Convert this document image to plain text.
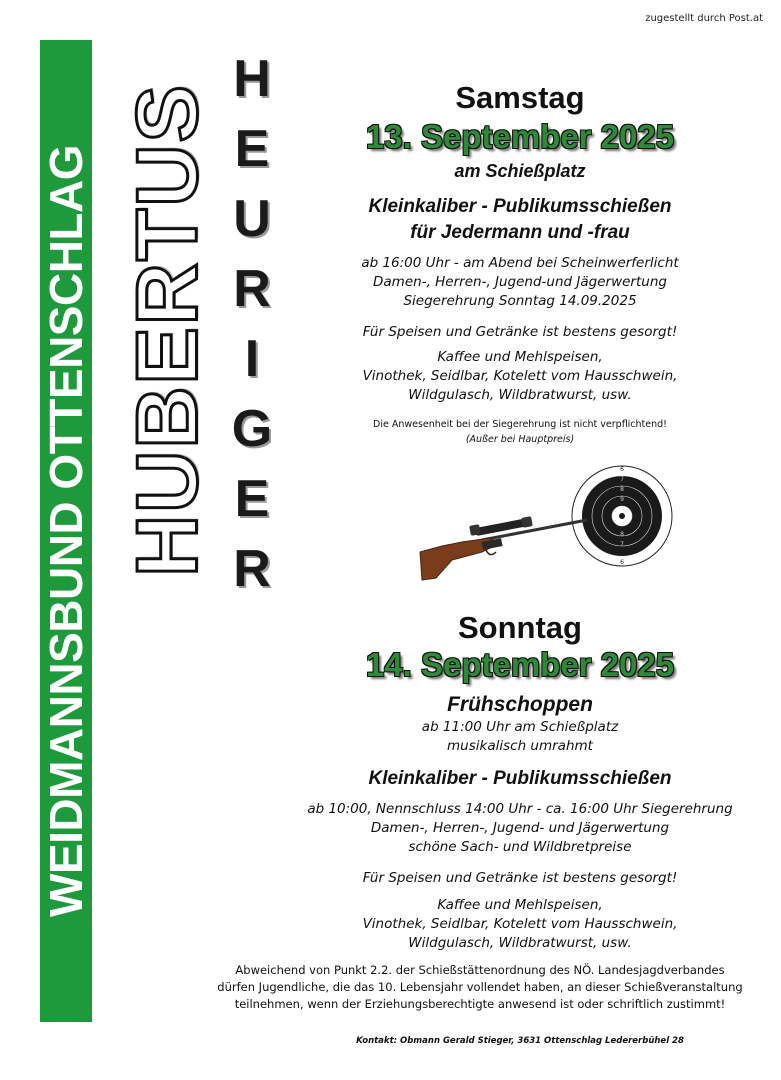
zugestellt durch Post.at
WEIDMANNSBUND OTTENSCHLAG HUBERTUS
H
E
U
R
I
G
E
R

Samstag

13. September 2025

am Schießplatz

Kleinkaliber - Publikumsschießen

für Jedermann und -frau

ab 16:00 Uhr - am Abend bei Scheinwerferlicht

Damen-, Herren-, Jugend-und Jägerwertung

Siegerehrung Sonntag 14.09.2025

Für Speisen und Getränke ist bestens gesorgt!

Kaffee und Mehlspeisen,

Vinothek, Seidlbar, Kotelett vom Hausschwein,

Wildgulasch, Wildbratwurst, usw.

Die Anwesenheit bei der Siegerehrung ist nicht verpflichtend!

(Außer bei Hauptpreis)

6
7
8
9
8
7
6

Sonntag

14. September 2025

Frühschoppen

ab 11:00 Uhr am Schießplatz

musikalisch umrahmt

Kleinkaliber - Publikumsschießen

ab 10:00, Nennschluss 14:00 Uhr - ca. 16:00 Uhr Siegerehrung

Damen-, Herren-, Jugend- und Jägerwertung

schöne Sach- und Wildbretpreise

Für Speisen und Getränke ist bestens gesorgt!

Kaffee und Mehlspeisen,

Vinothek, Seidlbar, Kotelett vom Hausschwein,

Wildgulasch, Wildbratwurst, usw.

Abweichend von Punkt 2.2. der Schießstättenordnung des NÖ. Landesjagdverbandes

dürfen Jugendliche, die das 10. Lebensjahr vollendet haben, an dieser Schießveranstaltung

teilnehmen, wenn der Erziehungsberechtigte anwesend ist oder schriftlich zustimmt!

Kontakt: Obmann Gerald Stieger, 3631 Ottenschlag Ledererbühel 28
